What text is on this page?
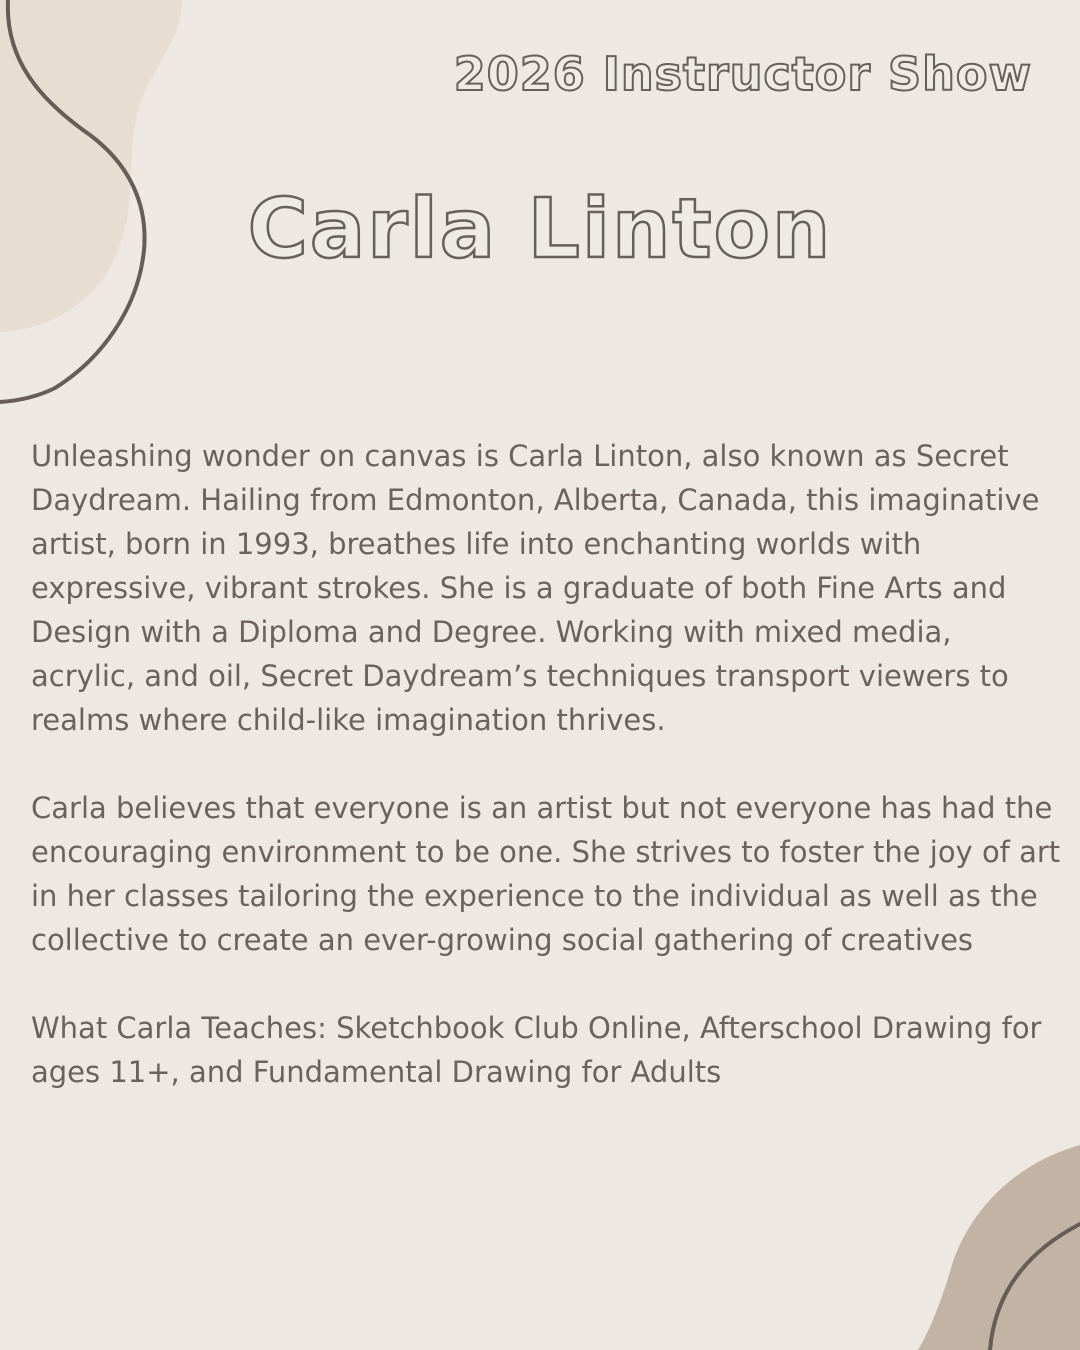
2026 Instructor Show
Carla Linton

Unleashing wonder on canvas is Carla Linton, also known as Secret Daydream. Hailing from Edmonton, Alberta, Canada, this imaginative artist, born in 1993, breathes life into enchanting worlds with expressive, vibrant strokes. She is a graduate of both Fine Arts and Design with a Diploma and Degree. Working with mixed media, acrylic, and oil, Secret Daydream’s techniques transport viewers to realms where child-like imagination thrives.

Carla believes that everyone is an artist but not everyone has had the encouraging environment to be one. She strives to foster the joy of art in her classes tailoring the experience to the individual as well as the collective to create an ever-growing social gathering of creatives

What Carla Teaches: Sketchbook Club Online, Afterschool Drawing for ages 11+, and Fundamental Drawing for Adults
